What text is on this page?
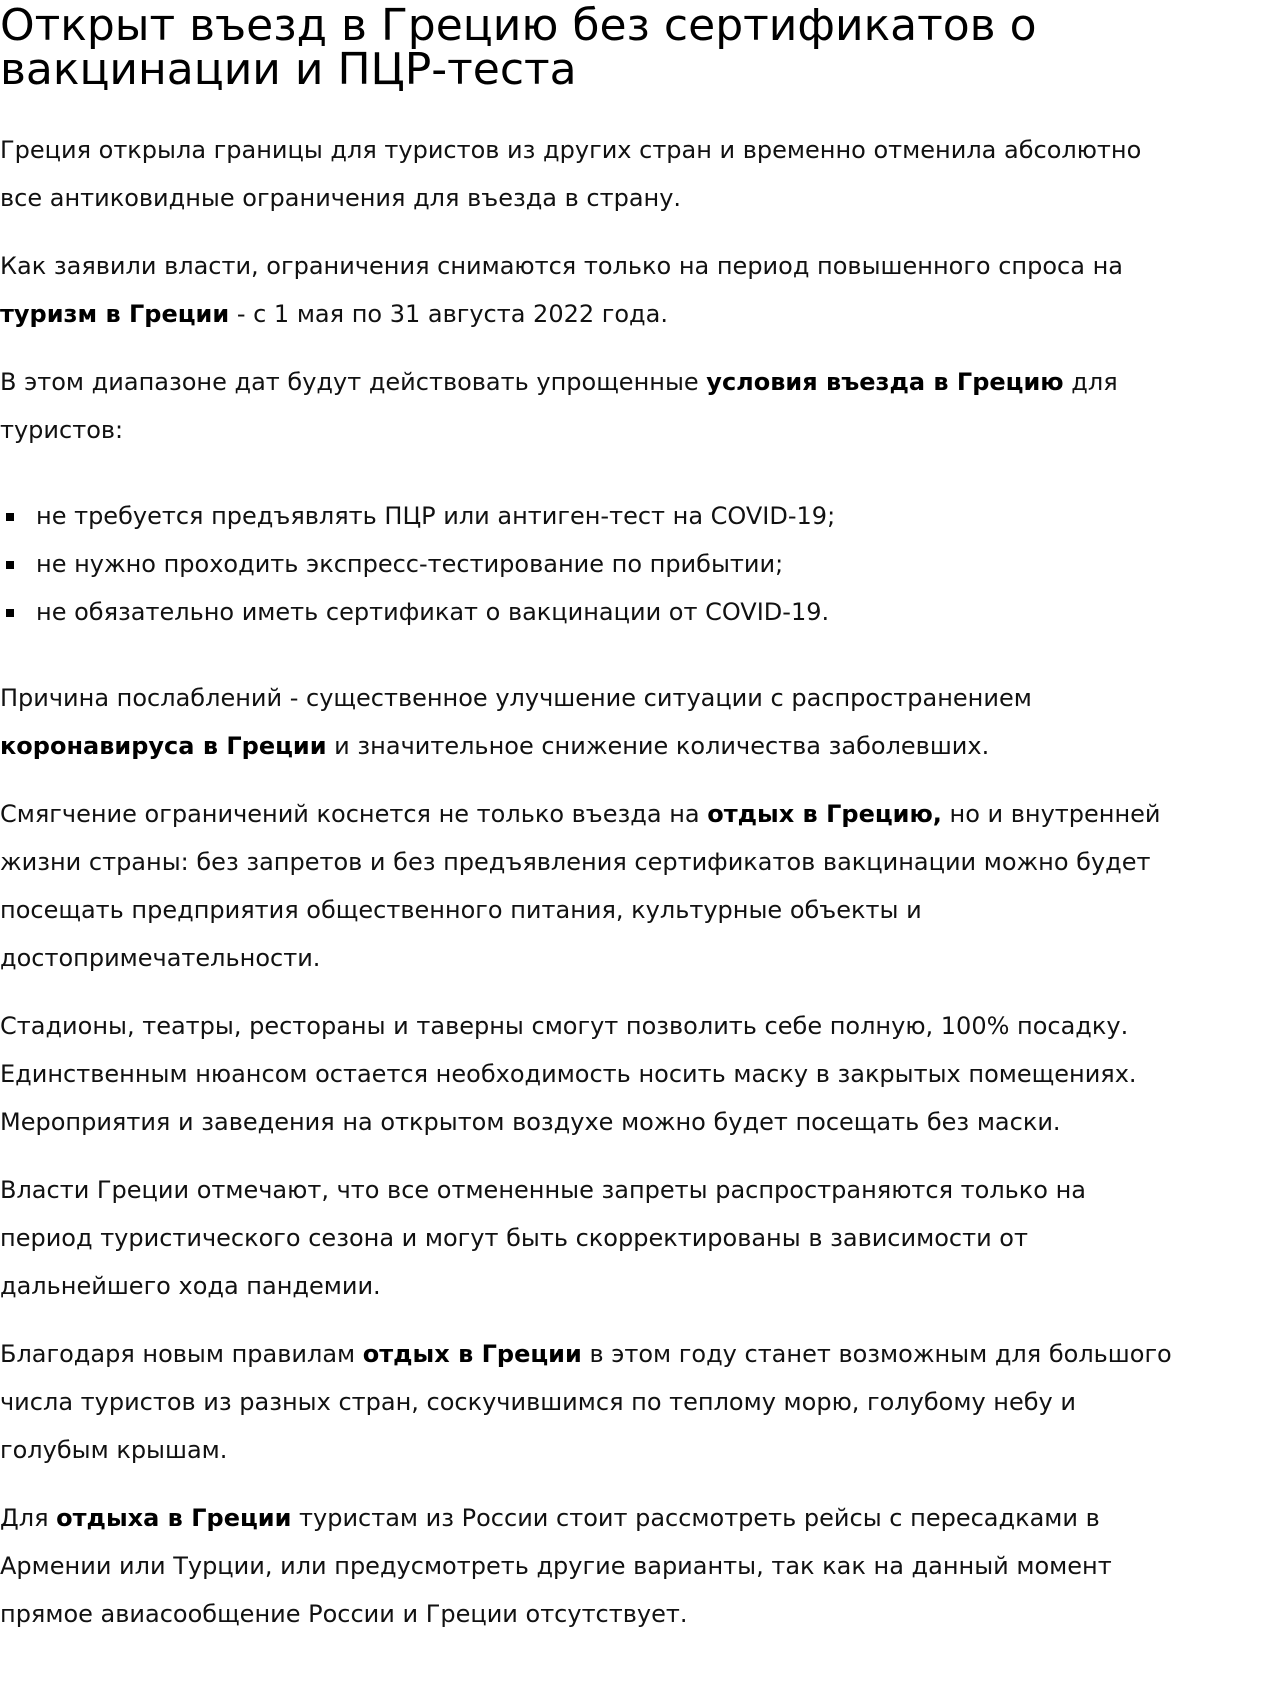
Открыт въезд в Грецию без сертификатов о вакцинации и ПЦР-теста

Греция открыла границы для туристов из других стран и временно отменила абсолютно все антиковидные ограничения для въезда в страну.

Как заявили власти, ограничения снимаются только на период повышенного спроса на туризм в Греции - с 1 мая по 31 августа 2022 года.

В этом диапазоне дат будут действовать упрощенные условия въезда в Грецию для туристов:

не требуется предъявлять ПЦР или антиген-тест на COVID-19;
не нужно проходить экспресс-тестирование по прибытии;
не обязательно иметь сертификат о вакцинации от COVID-19.

Причина послаблений - существенное улучшение ситуации с распространением коронавируса в Греции и значительное снижение количества заболевших.

Смягчение ограничений коснется не только въезда на отдых в Грецию, но и внутренней жизни страны: без запретов и без предъявления сертификатов вакцинации можно будет посещать предприятия общественного питания, культурные объекты и достопримечательности.

Стадионы, театры, рестораны и таверны смогут позволить себе полную, 100% посадку. Единственным нюансом остается необходимость носить маску в закрытых помещениях. Мероприятия и заведения на открытом воздухе можно будет посещать без маски.

Власти Греции отмечают, что все отмененные запреты распространяются только на период туристического сезона и могут быть скорректированы в зависимости от дальнейшего хода пандемии.

Благодаря новым правилам отдых в Греции в этом году станет возможным для большого числа туристов из разных стран, соскучившимся по теплому морю, голубому небу и голубым крышам.

Для отдыха в Греции туристам из России стоит рассмотреть рейсы с пересадками в Армении или Турции, или предусмотреть другие варианты, так как на данный момент прямое авиасообщение России и Греции отсутствует.
